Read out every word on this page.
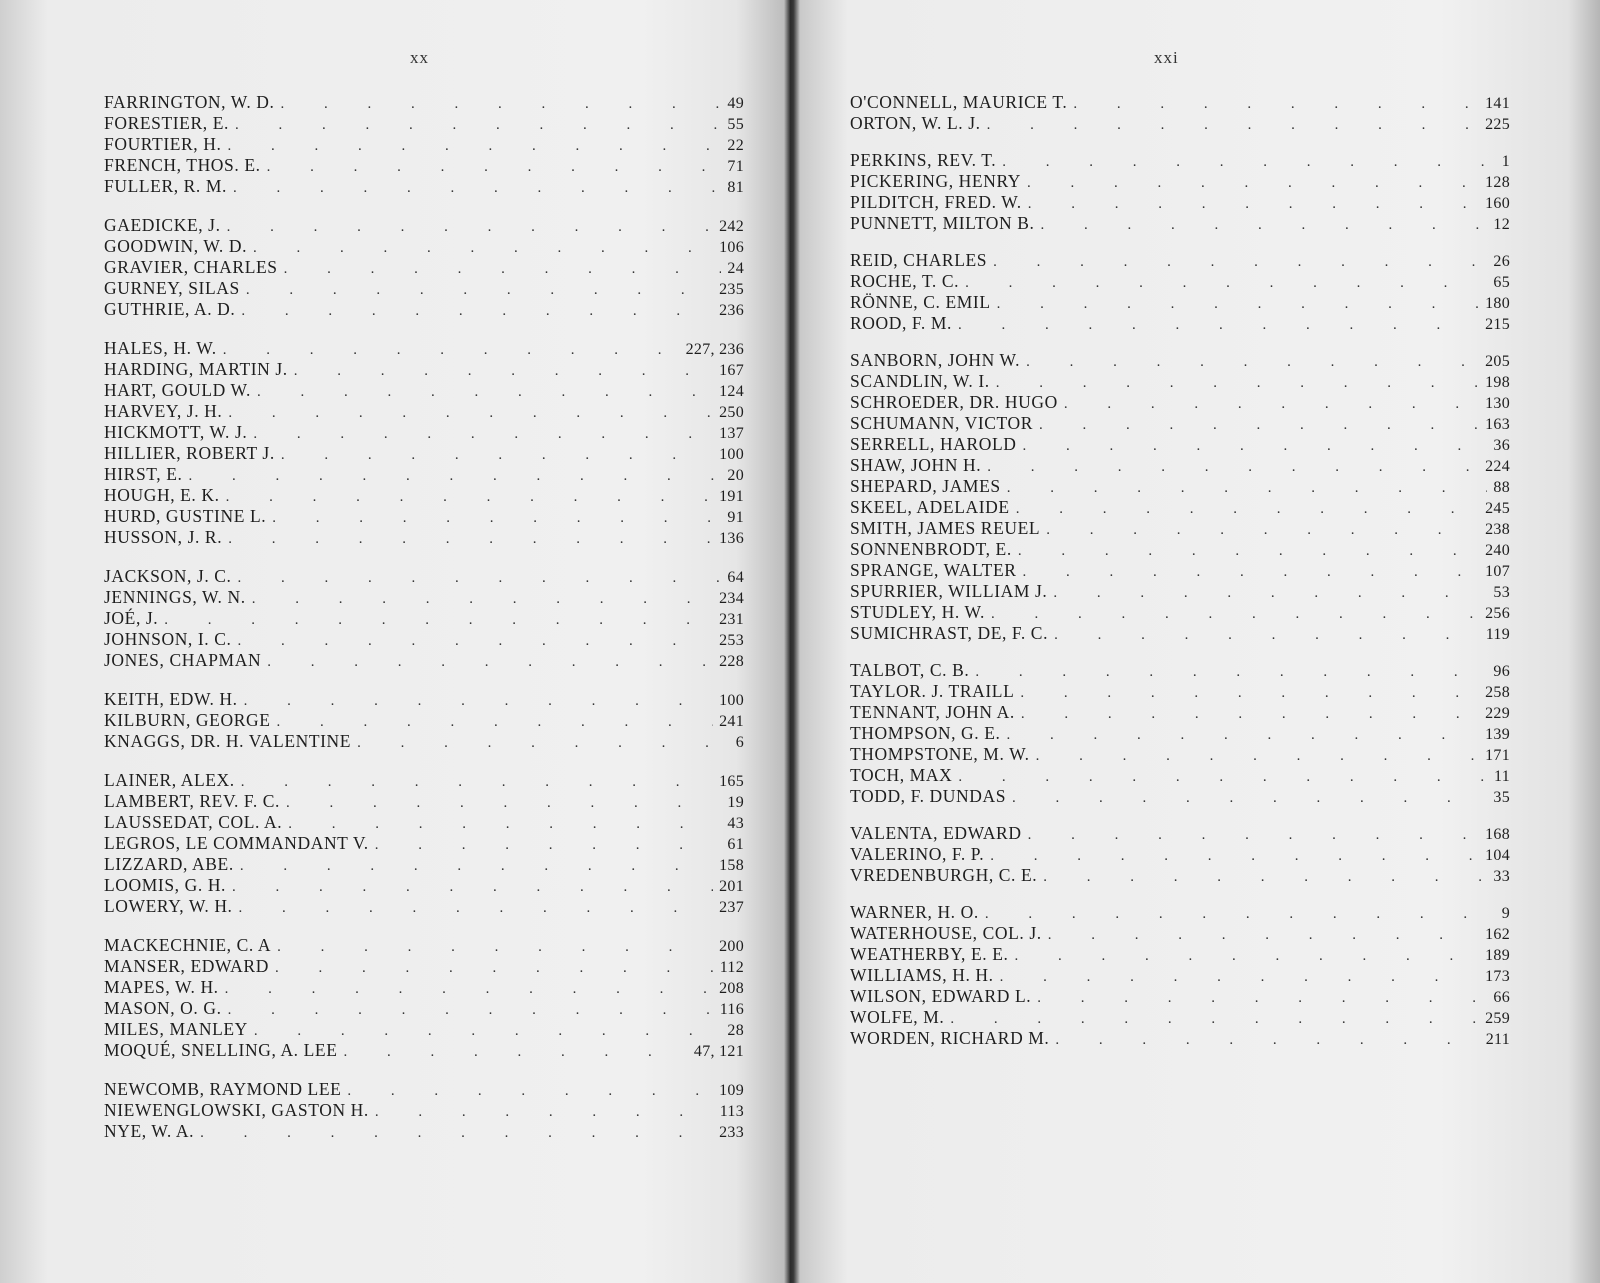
xx
FARRINGTON, W. D. . . .	49
FORESTIER, E. . . .	55
FOURTIER, H. . . .	22
FRENCH, THOS. E. . . .	71
FULLER, R. M. . . .	81
GAEDICKE, J. . . .	242
GOODWIN, W. D. . . .	106
GRAVIER, CHARLES . . .	24
GURNEY, SILAS . . .	235
GUTHRIE, A. D. . . .	236
HALES, H. W. . . .	227, 236
HARDING, MARTIN J. . . .	167
HART, GOULD W. . . .	124
HARVEY, J. H. . . .	250
HICKMOTT, W. J. . . .	137
HILLIER, ROBERT J. . . .	100
HIRST, E. . . .	20
HOUGH, E. K. . . .	191
HURD, GUSTINE L. . . .	91
HUSSON, J. R. . . .	136
JACKSON, J. C. . . .	64
JENNINGS, W. N. . . .	234
JOÉ, J. . . .	231
JOHNSON, I. C. . . .	253
JONES, CHAPMAN . . .	228
KEITH, EDW. H. . . .	100
KILBURN, GEORGE . . .	241
KNAGGS, DR. H. VALENTINE . . .	6
LAINER, ALEX. . . .	165
LAMBERT, REV. F. C. . . .	19
LAUSSEDAT, COL. A. . . .	43
LEGROS, LE COMMANDANT V. . . .	61
LIZZARD, ABE. . . .	158
LOOMIS, G. H. . . .	201
LOWERY, W. H. . . .	237
MACKECHNIE, C. A . . .	200
MANSER, EDWARD . . .	112
MAPES, W. H. . . .	208
MASON, O. G. . . .	116
MILES, MANLEY . . .	28
MOQUÉ, SNELLING, A. LEE . . .	47, 121
NEWCOMB, RAYMOND LEE . . .	109
NIEWENGLOWSKI, GASTON H. . . .	113
NYE, W. A. . . .	233
xxi
O'CONNELL, MAURICE T. . . .	141
ORTON, W. L. J. . . .	225
PERKINS, REV. T. . . .	1
PICKERING, HENRY . . .	128
PILDITCH, FRED. W. . . .	160
PUNNETT, MILTON B. . . .	12
REID, CHARLES . . .	26
ROCHE, T. C. . . .	65
RÖNNE, C. EMIL . . .	180
ROOD, F. M. . . .	215
SANBORN, JOHN W. . . .	205
SCANDLIN, W. I. . . .	198
SCHROEDER, DR. HUGO . . .	130
SCHUMANN, VICTOR . . .	163
SERRELL, HAROLD . . .	36
SHAW, JOHN H. . . .	224
SHEPARD, JAMES . . .	88
SKEEL, ADELAIDE . . .	245
SMITH, JAMES REUEL . . .	238
SONNENBRODT, E. . . .	240
SPRANGE, WALTER . . .	107
SPURRIER, WILLIAM J. . . .	53
STUDLEY, H. W. . . .	256
SUMICHRAST, DE, F. C. . . .	119
TALBOT, C. B. . . .	96
TAYLOR. J. TRAILL . . .	258
TENNANT, JOHN A. . . .	229
THOMPSON, G. E. . . .	139
THOMPSTONE, M. W. . . .	171
TOCH, MAX . . .	11
TODD, F. DUNDAS . . .	35
VALENTA, EDWARD . . .	168
VALERINO, F. P. . . .	104
VREDENBURGH, C. E. . . .	33
WARNER, H. O. . . .	9
WATERHOUSE, COL. J. . . .	162
WEATHERBY, E. E. . . .	189
WILLIAMS, H. H. . . .	173
WILSON, EDWARD L. . . .	66
WOLFE, M. . . .	259
WORDEN, RICHARD M. . . .	211
